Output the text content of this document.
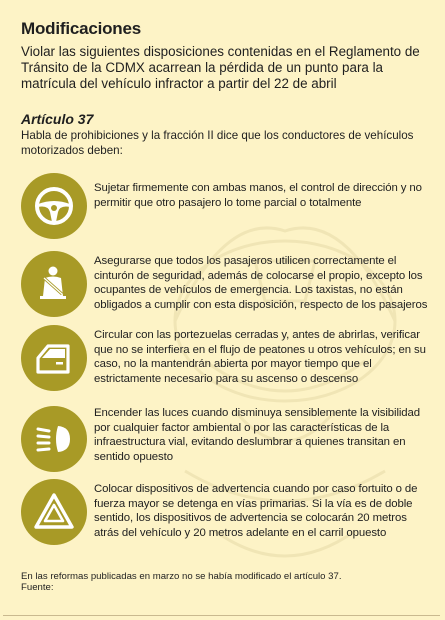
Modificaciones
Violar las siguientes disposiciones contenidas en el Reglamento de Tránsito de la CDMX acarrean la pérdida de un punto para la matrícula del vehículo infractor a partir del 22 de abril
Artículo 37
Habla de prohibiciones y la fracción II dice que los conductores de vehículos motorizados deben:
Sujetar firmemente con ambas manos, el control de dirección y no permitir que otro pasajero lo tome parcial o totalmente
Asegurarse que todos los pasajeros utilicen correctamente el cinturón de seguridad, además de colocarse el propio, excepto los ocupantes de vehículos de emergencia. Los taxistas, no están obligados a cumplir con esta disposición, respecto de los pasajeros
Circular con las portezuelas cerradas y, antes de abrirlas, verificar que no se interfiera en el flujo de peatones u otros vehículos; en su caso, no la mantendrán abierta por mayor tiempo que el estrictamente necesario para su ascenso o descenso
Encender las luces cuando disminuya sensiblemente la visibilidad por cualquier factor ambiental o por las características de la infraestructura vial, evitando deslumbrar a quienes transitan en sentido opuesto
Colocar dispositivos de advertencia cuando por caso fortuito o de fuerza mayor se detenga en vías primarias. Si la vía es de doble sentido, los dispositivos de advertencia se colocarán 20 metros atrás del vehículo y 20 metros adelante en el carril opuesto
En las reformas publicadas en marzo no se había modificado el artículo 37.
Fuente:
